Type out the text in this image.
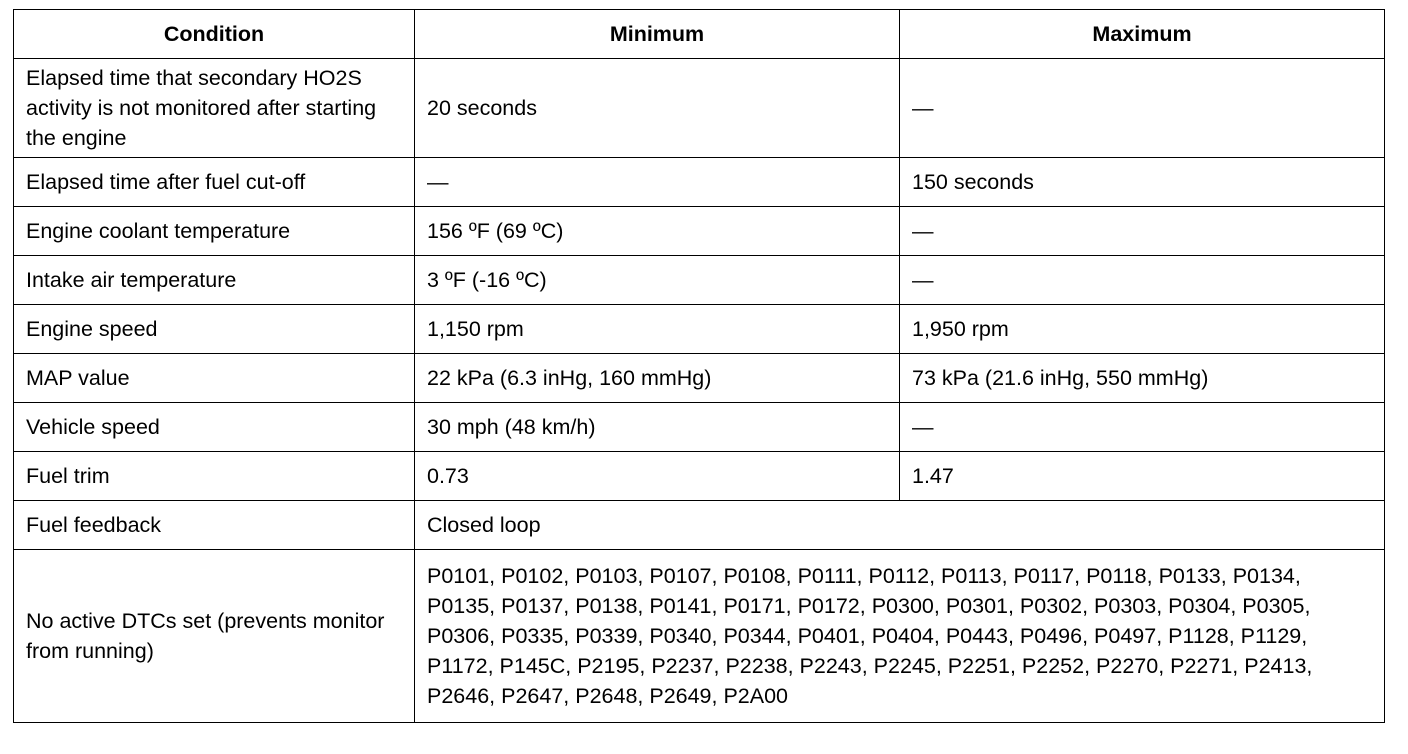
Condition	Minimum	Maximum
Elapsed time that secondary HO2S activity is not monitored after starting the engine	20 seconds	—
Elapsed time after fuel cut-off	—	150 seconds
Engine coolant temperature	156 ºF (69 ºC)	—
Intake air temperature	3 ºF (-16 ºC)	—
Engine speed	1,150 rpm	1,950 rpm
MAP value	22 kPa (6.3 inHg, 160 mmHg)	73 kPa (21.6 inHg, 550 mmHg)
Vehicle speed	30 mph (48 km/h)	—
Fuel trim	0.73	1.47
Fuel feedback	Closed loop	
No active DTCs set (prevents monitor from running)	P0101, P0102, P0103, P0107, P0108, P0111, P0112, P0113, P0117, P0118, P0133, P0134, P0135, P0137, P0138, P0141, P0171, P0172, P0300, P0301, P0302, P0303, P0304, P0305, P0306, P0335, P0339, P0340, P0344, P0401, P0404, P0443, P0496, P0497, P1128, P1129, P1172, P145C, P2195, P2237, P2238, P2243, P2245, P2251, P2252, P2270, P2271, P2413, P2646, P2647, P2648, P2649, P2A00	
